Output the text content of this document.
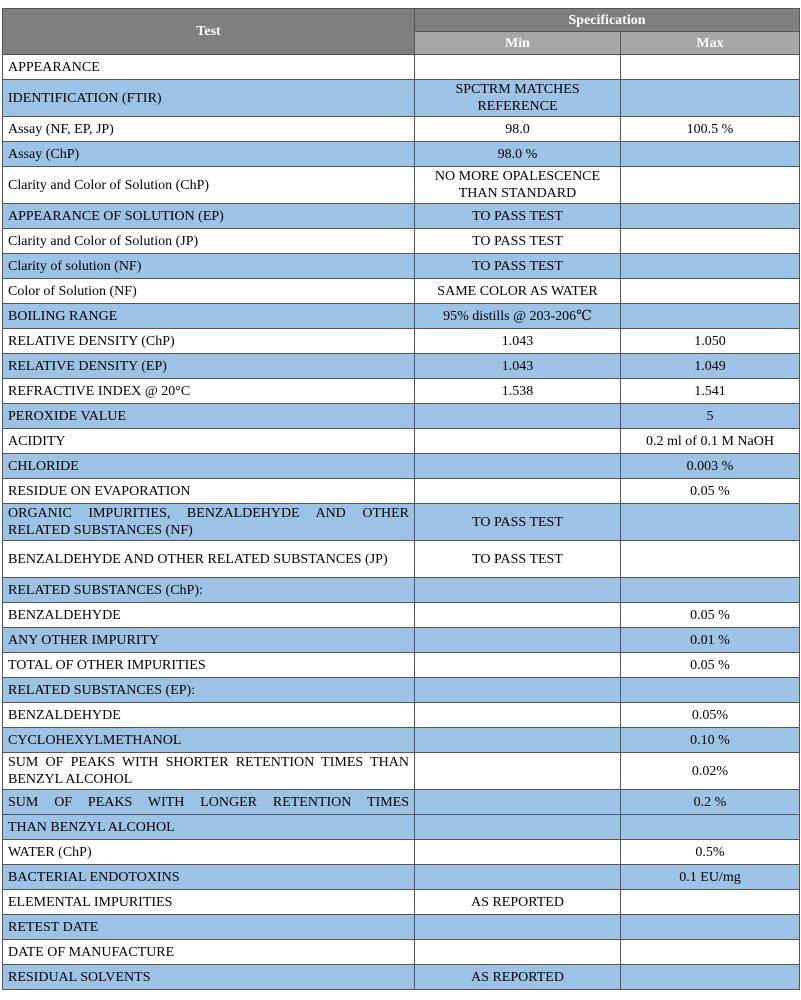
Test	Specification	
	Min	Max
APPEARANCE		
IDENTIFICATION (FTIR)	SPCTRM MATCHES REFERENCE	
Assay (NF, EP, JP)	98.0	100.5 %
Assay (ChP)	98.0 %	
Clarity and Color of Solution (ChP)	NO MORE OPALESCENCE THAN STANDARD	
APPEARANCE OF SOLUTION (EP)	TO PASS TEST	
Clarity and Color of Solution (JP)	TO PASS TEST	
Clarity of solution (NF)	TO PASS TEST	
Color of Solution (NF)	SAME COLOR AS WATER	
BOILING RANGE	95% distills @ 203-206℃	
RELATIVE DENSITY (ChP)	1.043	1.050
RELATIVE DENSITY (EP)	1.043	1.049
REFRACTIVE INDEX @ 20°C	1.538	1.541
PEROXIDE VALUE		5
ACIDITY		0.2 ml of 0.1 M NaOH
CHLORIDE		0.003 %
RESIDUE ON EVAPORATION		0.05 %
ORGANIC IMPURITIES, BENZALDEHYDE AND OTHER RELATED SUBSTANCES (NF)	TO PASS TEST	
BENZALDEHYDE AND OTHER RELATED SUBSTANCES (JP)	TO PASS TEST	
RELATED SUBSTANCES (ChP):		
BENZALDEHYDE		0.05 %
ANY OTHER IMPURITY		0.01 %
TOTAL OF OTHER IMPURITIES		0.05 %
RELATED SUBSTANCES (EP):		
BENZALDEHYDE		0.05%
CYCLOHEXYLMETHANOL		0.10 %
SUM OF PEAKS WITH SHORTER RETENTION TIMES THAN BENZYL ALCOHOL		0.02%
SUM OF PEAKS WITH LONGER RETENTION TIMES		0.2 %
THAN BENZYL ALCOHOL		
WATER (ChP)		0.5%
BACTERIAL ENDOTOXINS		0.1 EU/mg
ELEMENTAL IMPURITIES	AS REPORTED	
RETEST DATE		
DATE OF MANUFACTURE		
RESIDUAL SOLVENTS	AS REPORTED	
